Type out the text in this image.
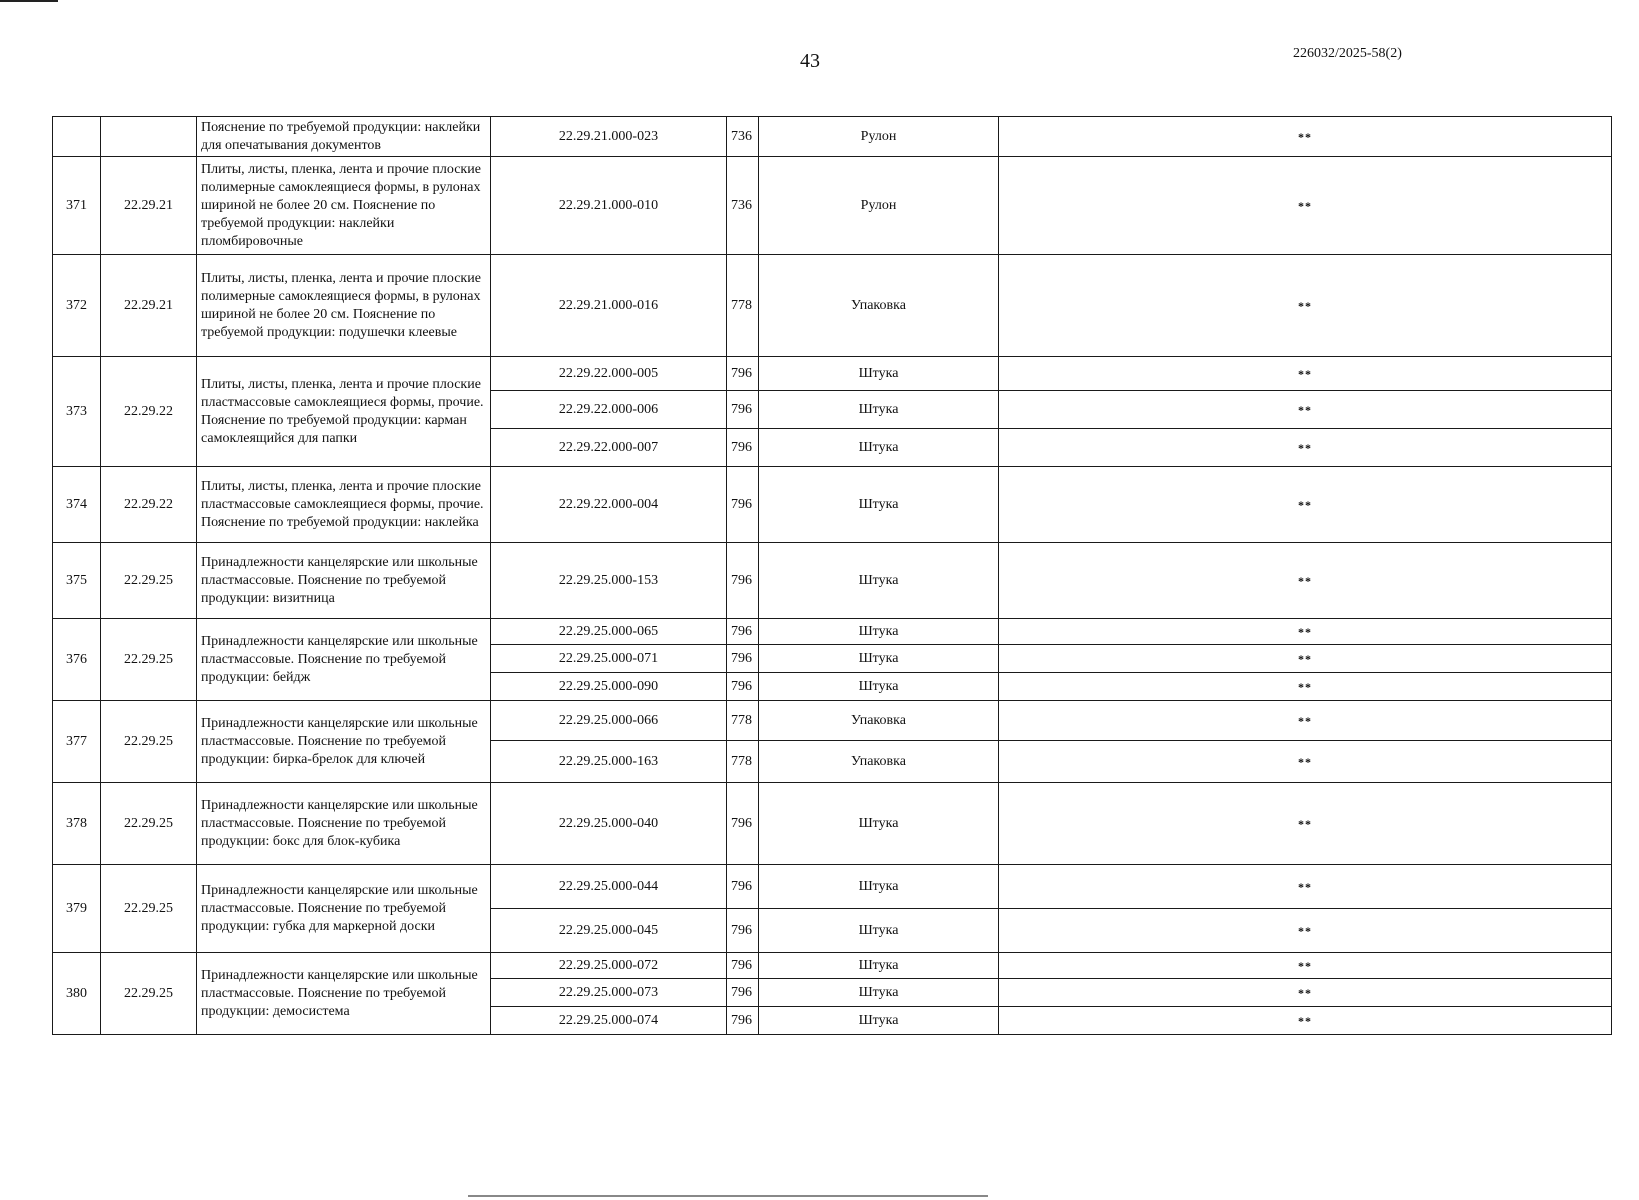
43	226032/2025-58(2)
		Пояснение по требуемой продукции: наклейки для опечатывания документов	22.29.21.000-023	736	Рулон	**
371	22.29.21	Плиты, листы, пленка, лента и прочие плоские полимерные самоклеящиеся формы, в рулонах шириной не более 20 см. Пояснение по требуемой продукции: наклейки пломбировочные	22.29.21.000-010	736	Рулон	**
372	22.29.21	Плиты, листы, пленка, лента и прочие плоские полимерные самоклеящиеся формы, в рулонах шириной не более 20 см. Пояснение по требуемой продукции: подушечки клеевые	22.29.21.000-016	778	Упаковка	**
373	22.29.22	Плиты, листы, пленка, лента и прочие плоские пластмассовые самоклеящиеся формы, прочие. Пояснение по требуемой продукции: карман самоклеящийся для папки	22.29.22.000-005	796	Штука	**
			22.29.22.000-006	796	Штука	**
			22.29.22.000-007	796	Штука	**
374	22.29.22	Плиты, листы, пленка, лента и прочие плоские пластмассовые самоклеящиеся формы, прочие. Пояснение по требуемой продукции: наклейка	22.29.22.000-004	796	Штука	**
375	22.29.25	Принадлежности канцелярские или школьные пластмассовые. Пояснение по требуемой продукции: визитница	22.29.25.000-153	796	Штука	**
376	22.29.25	Принадлежности канцелярские или школьные пластмассовые. Пояснение по требуемой продукции: бейдж	22.29.25.000-065	796	Штука	**
			22.29.25.000-071	796	Штука	**
			22.29.25.000-090	796	Штука	**
377	22.29.25	Принадлежности канцелярские или школьные пластмассовые. Пояснение по требуемой продукции: бирка-брелок для ключей	22.29.25.000-066	778	Упаковка	**
			22.29.25.000-163	778	Упаковка	**
378	22.29.25	Принадлежности канцелярские или школьные пластмассовые. Пояснение по требуемой продукции: бокс для блок-кубика	22.29.25.000-040	796	Штука	**
379	22.29.25	Принадлежности канцелярские или школьные пластмассовые. Пояснение по требуемой продукции: губка для маркерной доски	22.29.25.000-044	796	Штука	**
			22.29.25.000-045	796	Штука	**
380	22.29.25	Принадлежности канцелярские или школьные пластмассовые. Пояснение по требуемой продукции: демосистема	22.29.25.000-072	796	Штука	**
			22.29.25.000-073	796	Штука	**
			22.29.25.000-074	796	Штука	**
